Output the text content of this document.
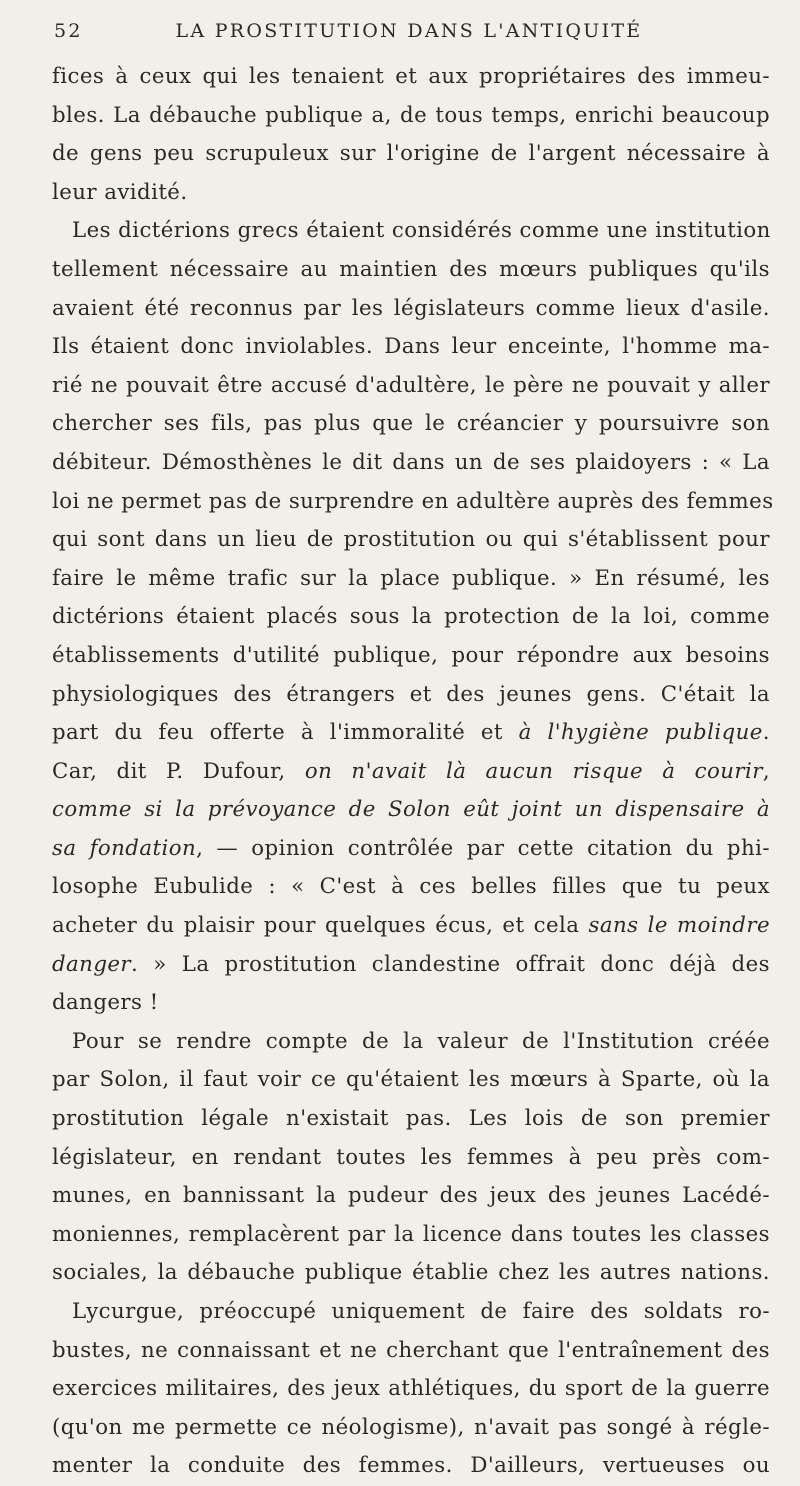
52	LA PROSTITUTION DANS L'ANTIQUITÉ
fices à ceux qui les tenaient et aux propriétaires des immeu-
bles. La débauche publique a, de tous temps, enrichi beaucoup
de gens peu scrupuleux sur l'origine de l'argent nécessaire à
leur avidité.
Les dictérions grecs étaient considérés comme une institution
tellement nécessaire au maintien des mœurs publiques qu'ils
avaient été reconnus par les législateurs comme lieux d'asile.
Ils étaient donc inviolables. Dans leur enceinte, l'homme ma-
rié ne pouvait être accusé d'adultère, le père ne pouvait y aller
chercher ses fils, pas plus que le créancier y poursuivre son
débiteur. Démosthènes le dit dans un de ses plaidoyers : « La
loi ne permet pas de surprendre en adultère auprès des femmes
qui sont dans un lieu de prostitution ou qui s'établissent pour
faire le même trafic sur la place publique. » En résumé, les
dictérions étaient placés sous la protection de la loi, comme
établissements d'utilité publique, pour répondre aux besoins
physiologiques des étrangers et des jeunes gens. C'était la
part du feu offerte à l'immoralité et à l'hygiène publique.
Car, dit P. Dufour, on n'avait là aucun risque à courir,
comme si la prévoyance de Solon eût joint un dispensaire à
sa fondation, — opinion contrôlée par cette citation du phi-
losophe Eubulide : « C'est à ces belles filles que tu peux
acheter du plaisir pour quelques écus, et cela sans le moindre
danger. » La prostitution clandestine offrait donc déjà des
dangers !
Pour se rendre compte de la valeur de l'Institution créée
par Solon, il faut voir ce qu'étaient les mœurs à Sparte, où la
prostitution légale n'existait pas. Les lois de son premier
législateur, en rendant toutes les femmes à peu près com-
munes, en bannissant la pudeur des jeux des jeunes Lacédé-
moniennes, remplacèrent par la licence dans toutes les classes
sociales, la débauche publique établie chez les autres nations.
Lycurgue, préoccupé uniquement de faire des soldats ro-
bustes, ne connaissant et ne cherchant que l'entraînement des
exercices militaires, des jeux athlétiques, du sport de la guerre
(qu'on me permette ce néologisme), n'avait pas songé à régle-
menter la conduite des femmes. D'ailleurs, vertueuses ou
